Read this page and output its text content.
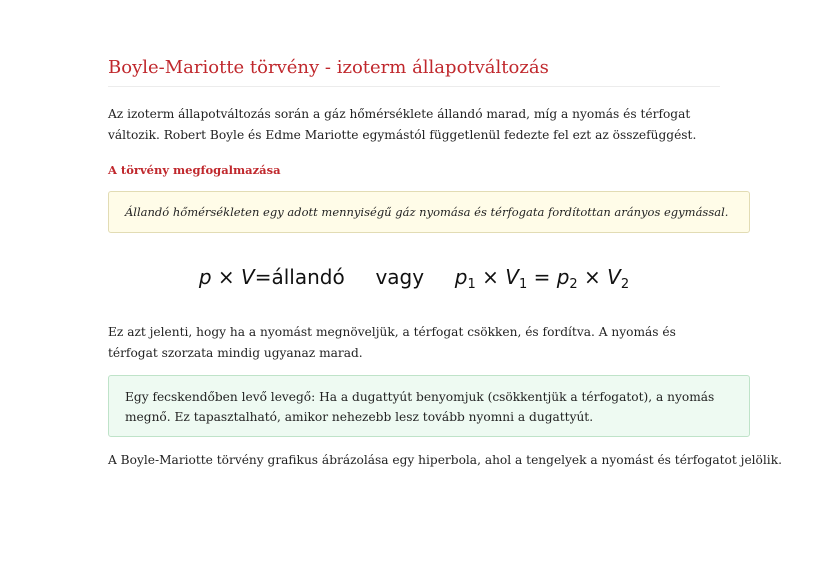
Boyle-Mariotte törvény - izoterm állapotváltozás

Az izoterm állapotváltozás során a gáz hőmérséklete állandó marad, míg a nyomás és térfogat változik. Robert Boyle és Edme Mariotte egymástól függetlenül fedezte fel ezt az összefüggést.

A törvény megfogalmazása
Állandó hőmérsékleten egy adott mennyiségű gáz nyomása és térfogata fordítottan arányos egymással.
p × V=állandó vagy $p_1 \times V_1 = p_2 \times V_2$

Ez azt jelenti, hogy ha a nyomást megnöveljük, a térfogat csökken, és fordítva. A nyomás és térfogat szorzata mindig ugyanaz marad.

Egy fecskendőben levő levegő: Ha a dugattyút benyomjuk (csökkentjük a térfogatot), a nyomás megnő. Ez tapasztalható, amikor nehezebb lesz tovább nyomni a dugattyút.

A Boyle-Mariotte törvény grafikus ábrázolása egy hiperbola, ahol a tengelyek a nyomást és térfogatot jelölik.
